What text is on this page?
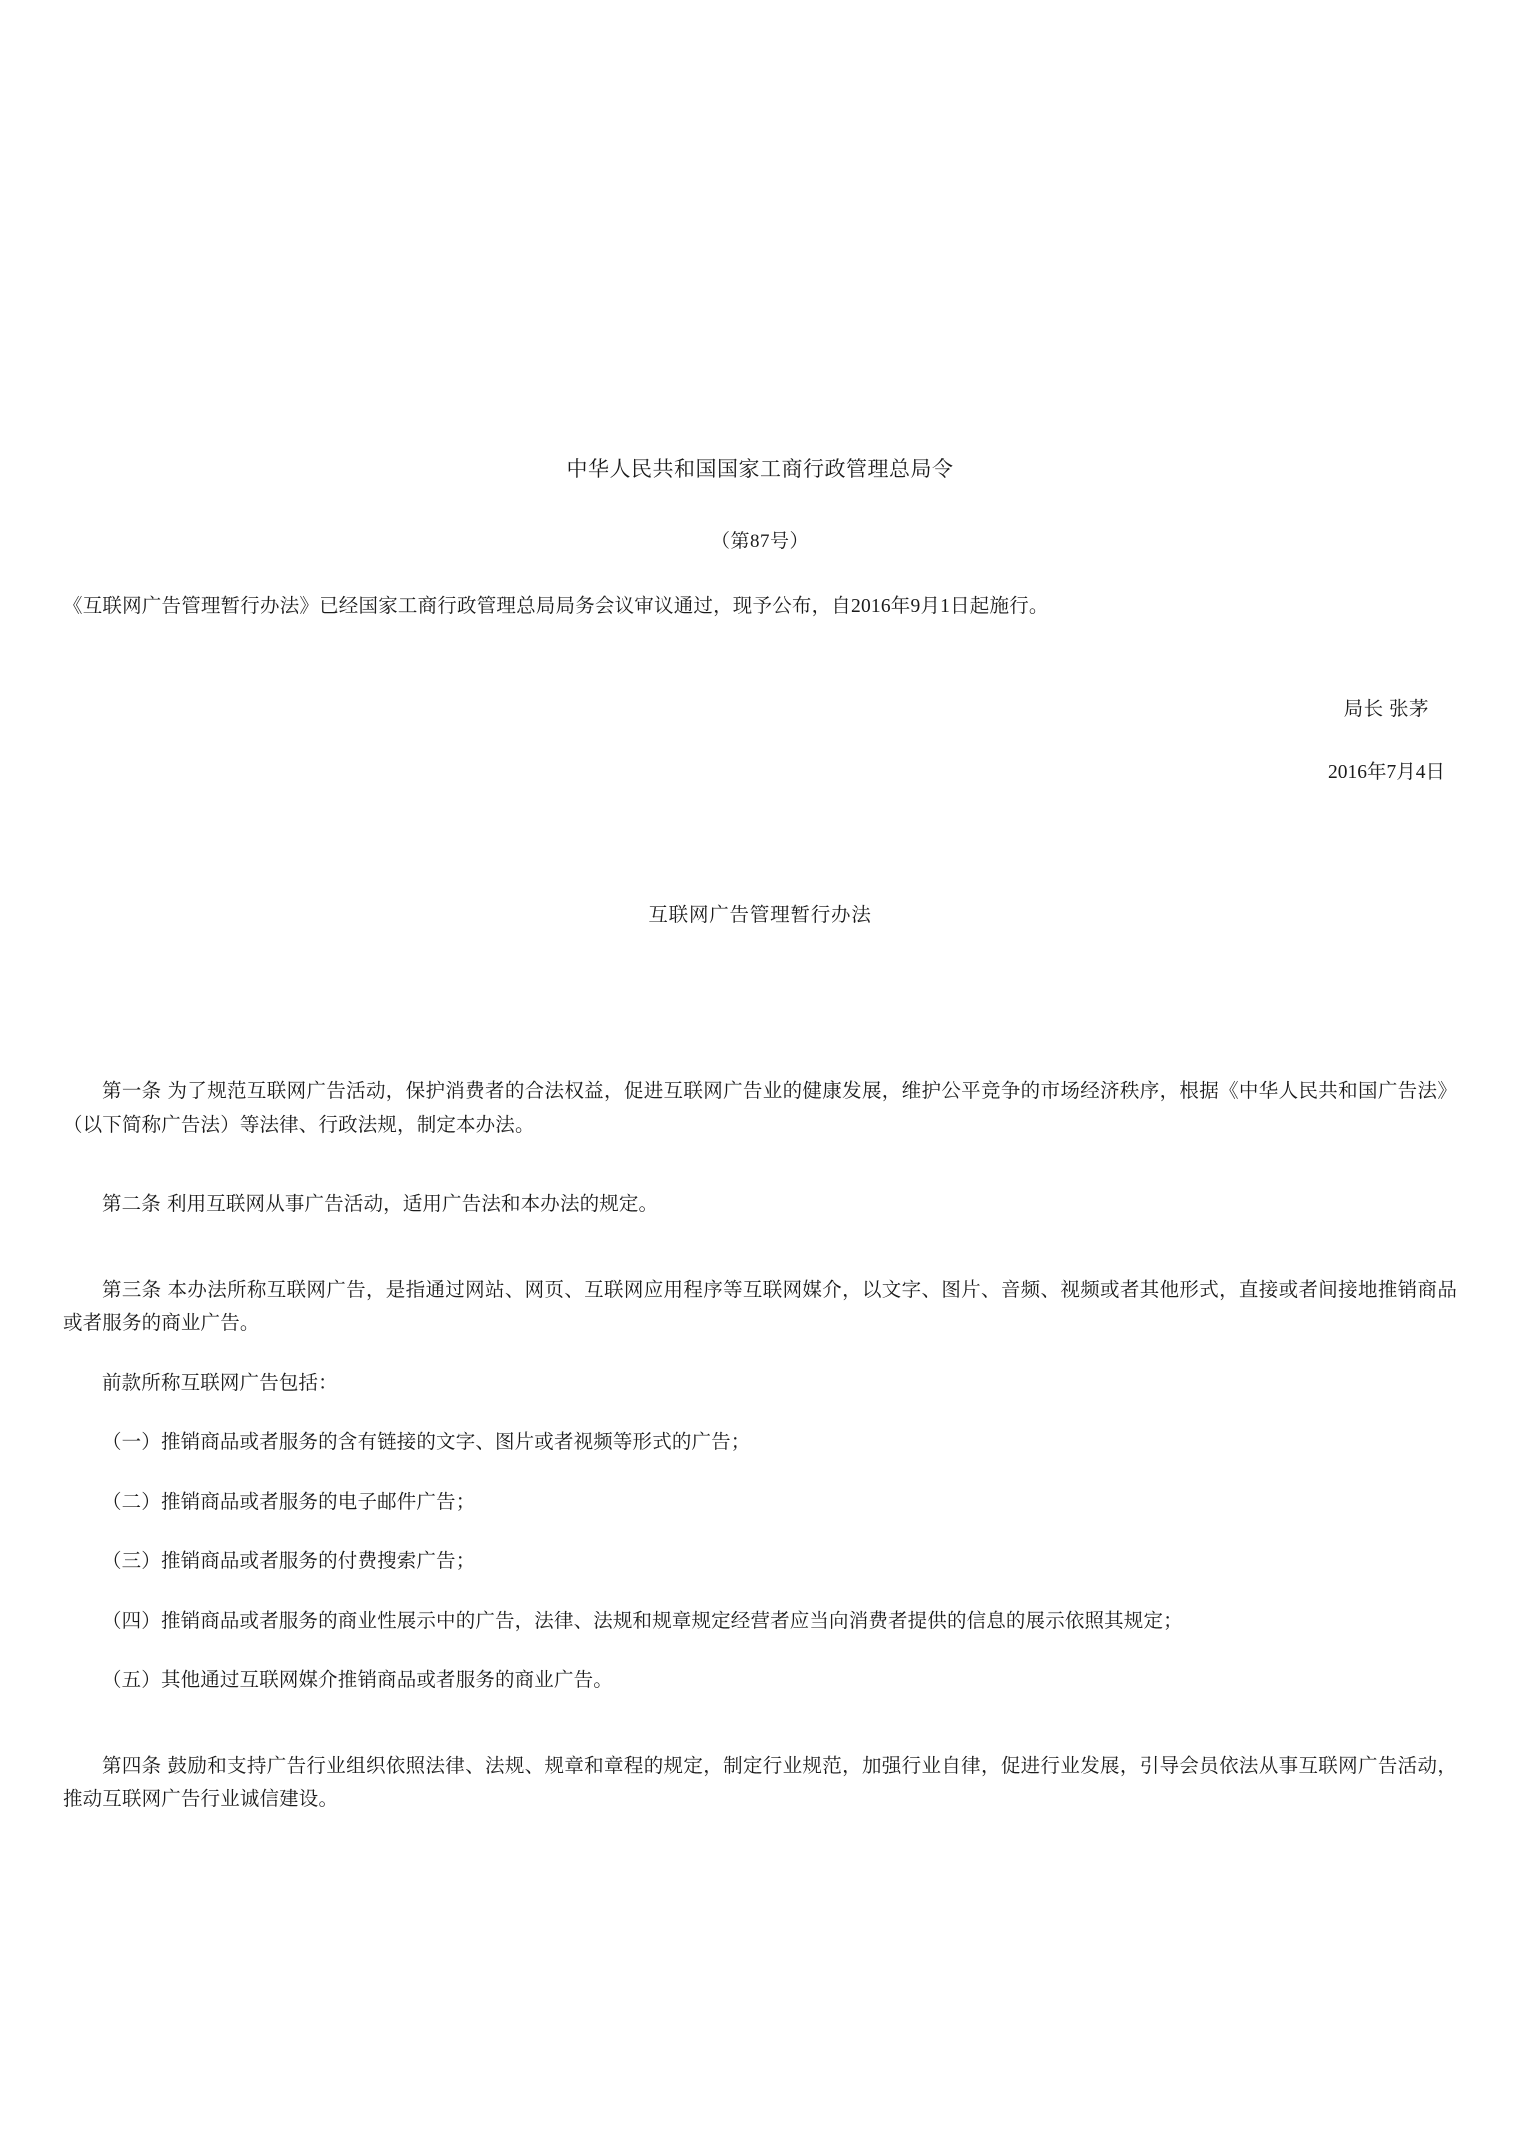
中华人民共和国国家工商行政管理总局令
（第87号）
《互联网广告管理暂行办法》已经国家工商行政管理总局局务会议审议通过，现予公布，自2016年9月1日起施行。
局长 张茅
2016年7月4日
互联网广告管理暂行办法

第一条 为了规范互联网广告活动，保护消费者的合法权益，促进互联网广告业的健康发展，维护公平竞争的市场经济秩序，根据《中华人民共和国广告法》（以下简称广告法）等法律、行政法规，制定本办法。

第二条 利用互联网从事广告活动，适用广告法和本办法的规定。

第三条 本办法所称互联网广告，是指通过网站、网页、互联网应用程序等互联网媒介，以文字、图片、音频、视频或者其他形式，直接或者间接地推销商品或者服务的商业广告。

前款所称互联网广告包括：

（一）推销商品或者服务的含有链接的文字、图片或者视频等形式的广告；

（二）推销商品或者服务的电子邮件广告；

（三）推销商品或者服务的付费搜索广告；

（四）推销商品或者服务的商业性展示中的广告，法律、法规和规章规定经营者应当向消费者提供的信息的展示依照其规定；

（五）其他通过互联网媒介推销商品或者服务的商业广告。

第四条 鼓励和支持广告行业组织依照法律、法规、规章和章程的规定，制定行业规范，加强行业自律，促进行业发展，引导会员依法从事互联网广告活动，推动互联网广告行业诚信建设。
